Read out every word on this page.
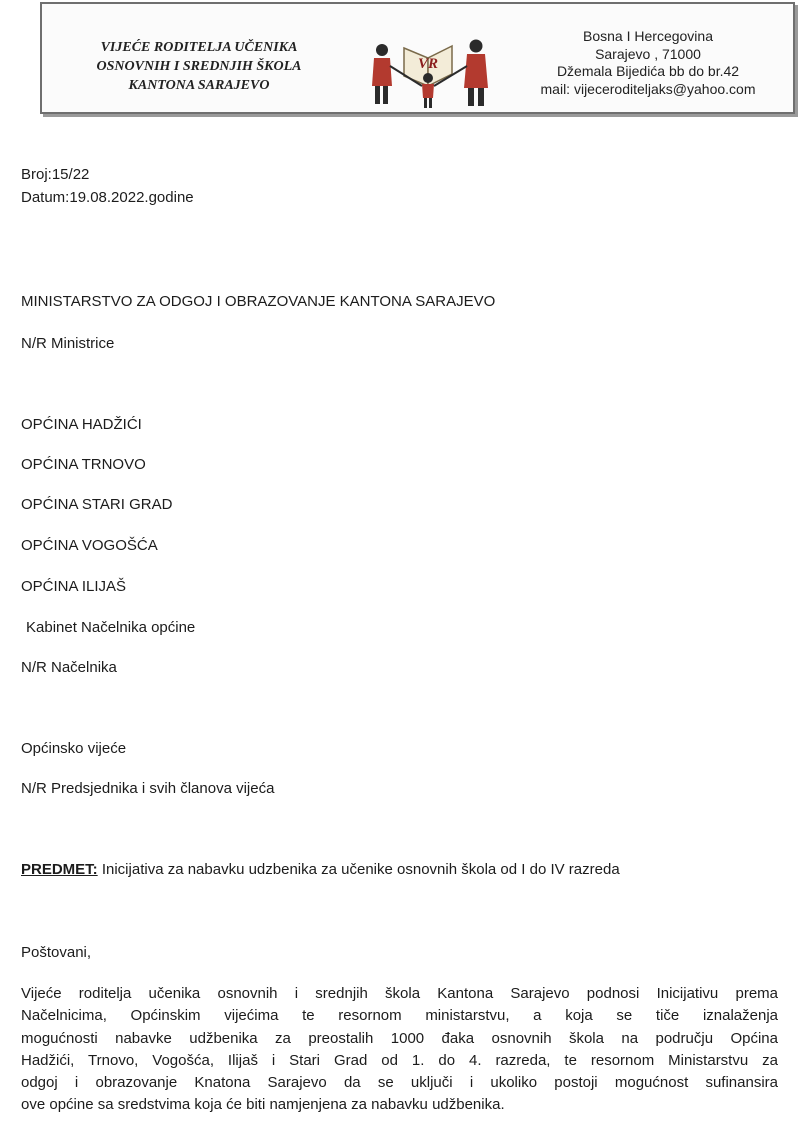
VIJEĆE RODITELJA UČENIKA
OSNOVNIH I SREDNJIH ŠKOLA
KANTONA SARAJEVO
VR
Bosna I Hercegovina
Sarajevo , 71000
Džemala Bijedića bb do br.42
mail: vijeceroditeljaks@yahoo.com
Broj:15/22
Datum:19.08.2022.godine
MINISTARSTVO ZA ODGOJ I OBRAZOVANJE KANTONA SARAJEVO
N/R Ministrice
OPĆINA HADŽIĆI
OPĆINA TRNOVO
OPĆINA STARI GRAD
OPĆINA VOGOŠĆA
OPĆINA ILIJAŠ
Kabinet Načelnika općine
N/R Načelnika
Općinsko vijeće
N/R Predsjednika i svih članova vijeća
PREDMET: Inicijativa za nabavku udzbenika za učenike osnovnih škola od I do IV razreda
Poštovani,
Vijeće roditelja učenika osnovnih i srednjih škola Kantona Sarajevo podnosi Inicijativu prema
Načelnicima, Općinskim vijećima te resornom ministarstvu, a koja se tiče iznalaženja
mogućnosti nabavke udžbenika za preostalih 1000 đaka osnovnih škola na području Općina
Hadžići, Trnovo, Vogošća, Ilijaš i Stari Grad od 1. do 4. razreda, te resornom Ministarstvu za
odgoj i obrazovanje Knatona Sarajevo da se uključi i ukoliko postoji mogućnost sufinansira
ove općine sa sredstvima koja će biti namjenjena za nabavku udžbenika.
